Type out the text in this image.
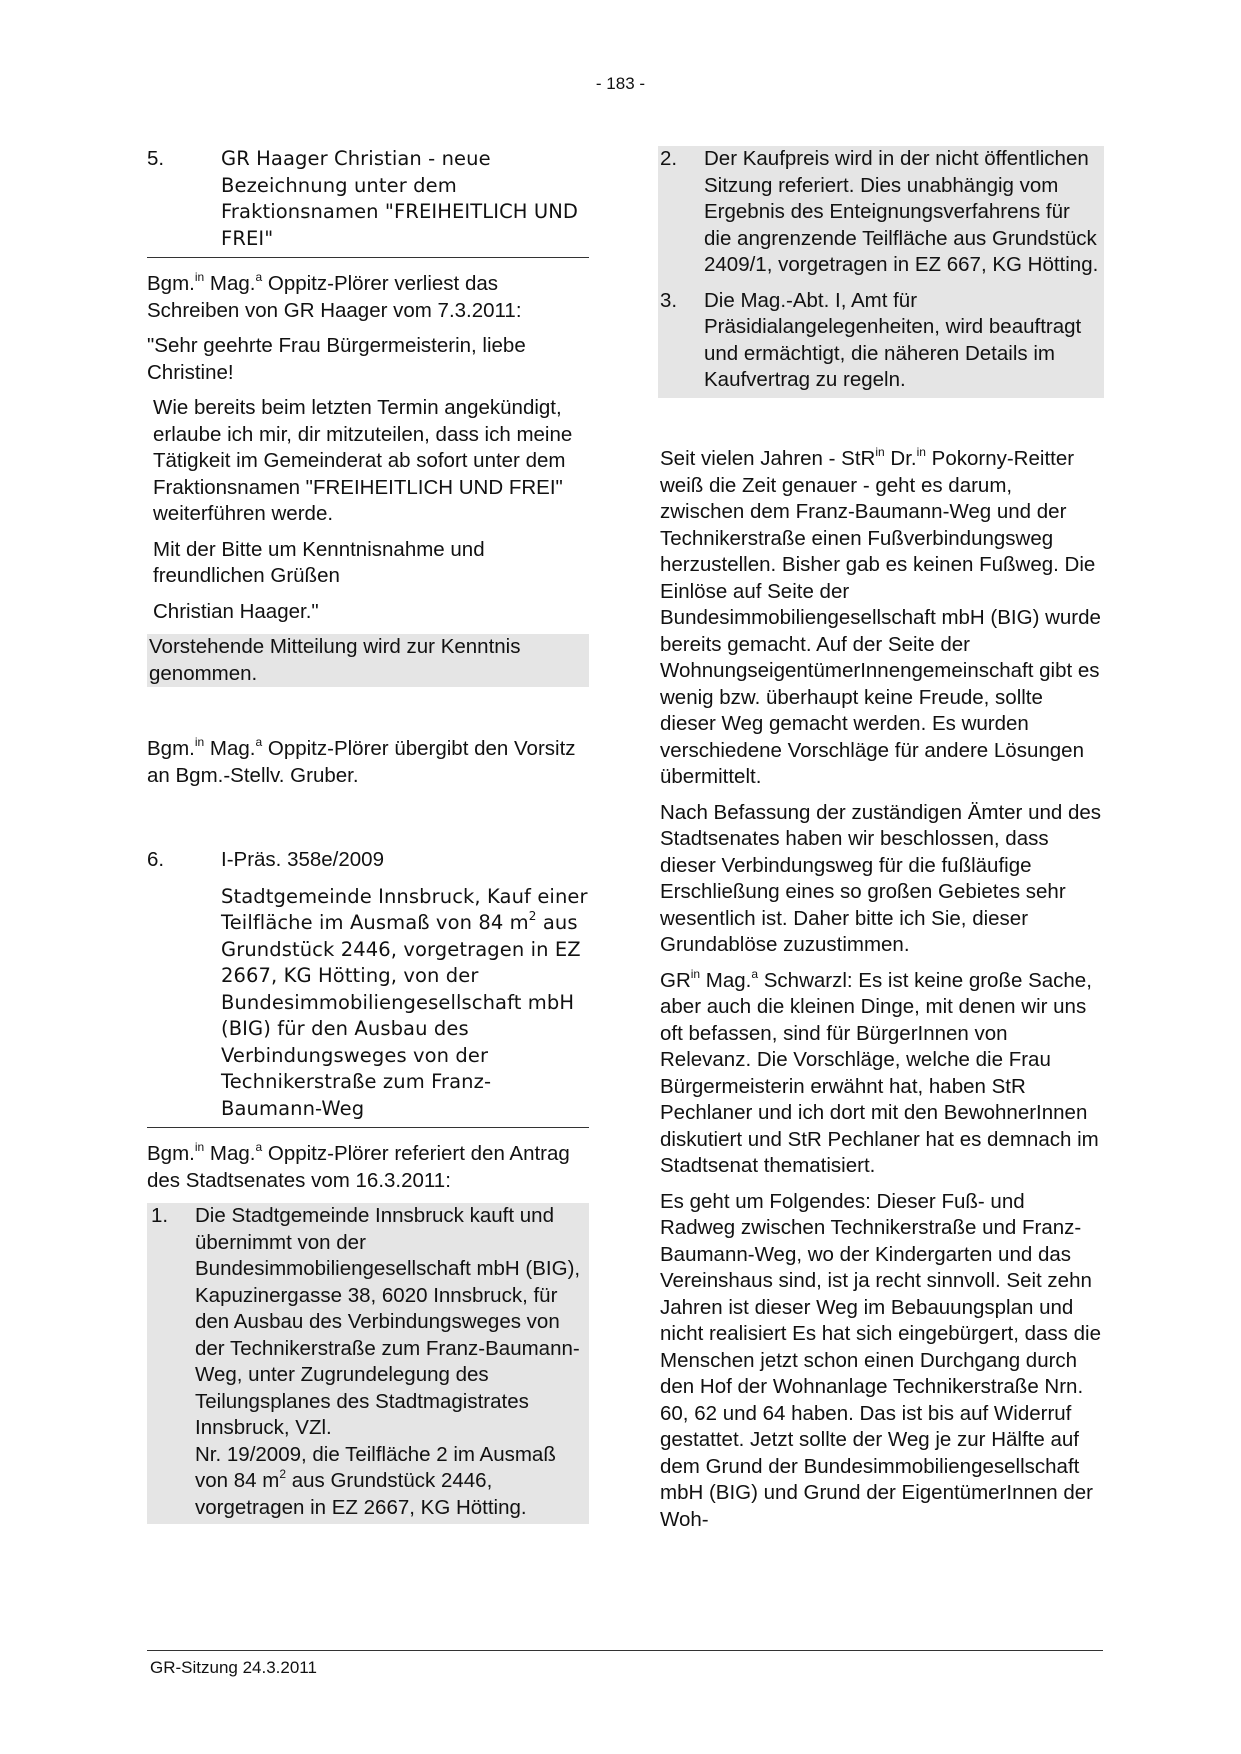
- 183 -
5.	GR Haager Christian - neue Bezeichnung unter dem Fraktionsnamen "FREIHEITLICH UND FREI"

Bgm.$^{in}$ Mag.$^a$ Oppitz-Plörer verliest das Schreiben von GR Haager vom 7.3.2011:

"Sehr geehrte Frau Bürgermeisterin, liebe Christine!

Wie bereits beim letzten Termin angekündigt, erlaube ich mir, dir mitzuteilen, dass ich meine Tätigkeit im Gemeinderat ab sofort unter dem Fraktionsnamen "FREIHEITLICH UND FREI" weiterführen werde.

Mit der Bitte um Kenntnisnahme und freundlichen Grüßen

Christian Haager."

Vorstehende Mitteilung wird zur Kenntnis genommen.

Bgm.$^{in}$ Mag.$^a$ Oppitz-Plörer übergibt den Vorsitz an Bgm.-Stellv. Gruber.

6.	I-Präs. 358e/2009
Stadtgemeinde Innsbruck, Kauf einer Teilfläche im Ausmaß von 84 $m^2$ aus Grundstück 2446, vorgetragen in EZ 2667, KG Hötting, von der Bundesimmobiliengesellschaft mbH (BIG) für den Ausbau des Verbindungsweges von der Technikerstraße zum Franz-Baumann-Weg

Bgm.$^{in}$ Mag.$^a$ Oppitz-Plörer referiert den Antrag des Stadtsenates vom 16.3.2011:

1.	Die Stadtgemeinde Innsbruck kauft und übernimmt von der Bundesimmobiliengesellschaft mbH (BIG), Kapuzinergasse 38, 6020 Innsbruck, für den Ausbau des Verbindungsweges von der Technikerstraße zum Franz-Baumann-Weg, unter Zugrundelegung des Teilungsplanes des Stadtmagistrates Innsbruck, VZl.
Nr. 19/2009, die Teilfläche 2 im Ausmaß von 84 $m^2$ aus Grundstück 2446, vorgetragen in EZ 2667, KG Hötting.
2.	Der Kaufpreis wird in der nicht öffentlichen Sitzung referiert. Dies unabhängig vom Ergebnis des Enteignungsverfahrens für die angrenzende Teilfläche aus Grundstück 2409/1, vorgetragen in EZ 667, KG Hötting.
3.	Die Mag.-Abt. I, Amt für Präsidialangelegenheiten, wird beauftragt und ermächtigt, die näheren Details im Kaufvertrag zu regeln.

Seit vielen Jahren - StR$^{in}$ Dr.$^{in}$ Pokorny-Reitter weiß die Zeit genauer - geht es darum, zwischen dem Franz-Baumann-Weg und der Technikerstraße einen Fußverbindungsweg herzustellen. Bisher gab es keinen Fußweg. Die Einlöse auf Seite der Bundesimmobiliengesellschaft mbH (BIG) wurde bereits gemacht. Auf der Seite der WohnungseigentümerInnengemeinschaft gibt es wenig bzw. überhaupt keine Freude, sollte dieser Weg gemacht werden. Es wurden verschiedene Vorschläge für andere Lösungen übermittelt.

Nach Befassung der zuständigen Ämter und des Stadtsenates haben wir beschlossen, dass dieser Verbindungsweg für die fußläufige Erschließung eines so großen Gebietes sehr wesentlich ist. Daher bitte ich Sie, dieser Grundablöse zuzustimmen.

$GR^{in}$ Mag.$^a$ Schwarzl: Es ist keine große Sache, aber auch die kleinen Dinge, mit denen wir uns oft befassen, sind für BürgerInnen von Relevanz. Die Vorschläge, welche die Frau Bürgermeisterin erwähnt hat, haben StR Pechlaner und ich dort mit den BewohnerInnen diskutiert und StR Pechlaner hat es demnach im Stadtsenat thematisiert.

Es geht um Folgendes: Dieser Fuß- und Radweg zwischen Technikerstraße und Franz-Baumann-Weg, wo der Kindergarten und das Vereinshaus sind, ist ja recht sinnvoll. Seit zehn Jahren ist dieser Weg im Bebauungsplan und nicht realisiert Es hat sich eingebürgert, dass die Menschen jetzt schon einen Durchgang durch den Hof der Wohnanlage Technikerstraße Nrn. 60, 62 und 64 haben. Das ist bis auf Widerruf gestattet. Jetzt sollte der Weg je zur Hälfte auf dem Grund der Bundesimmobiliengesellschaft mbH (BIG) und Grund der EigentümerInnen der Woh-

GR-Sitzung 24.3.2011
